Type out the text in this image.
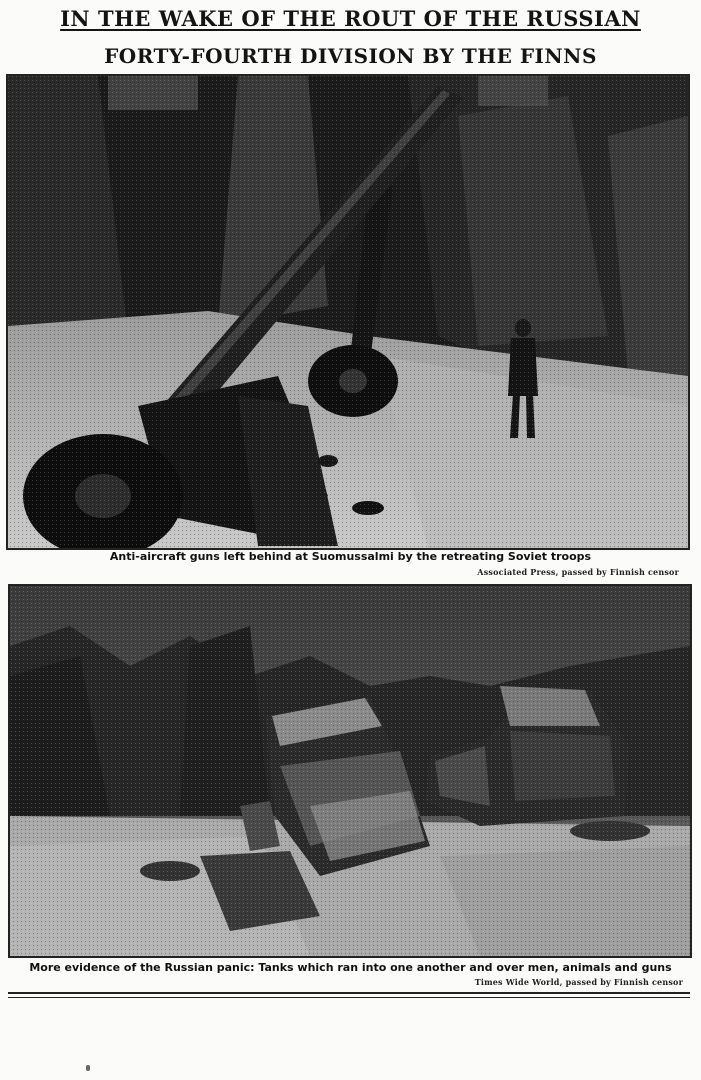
IN THE WAKE OF THE ROUT OF THE RUSSIAN
FORTY-FOURTH DIVISION BY THE FINNS
Anti-aircraft guns left behind at Suomussalmi by the retreating Soviet troops
Associated Press, passed by Finnish censor
More evidence of the Russian panic: Tanks which ran into one another and over men, animals and guns
Times Wide World, passed by Finnish censor
